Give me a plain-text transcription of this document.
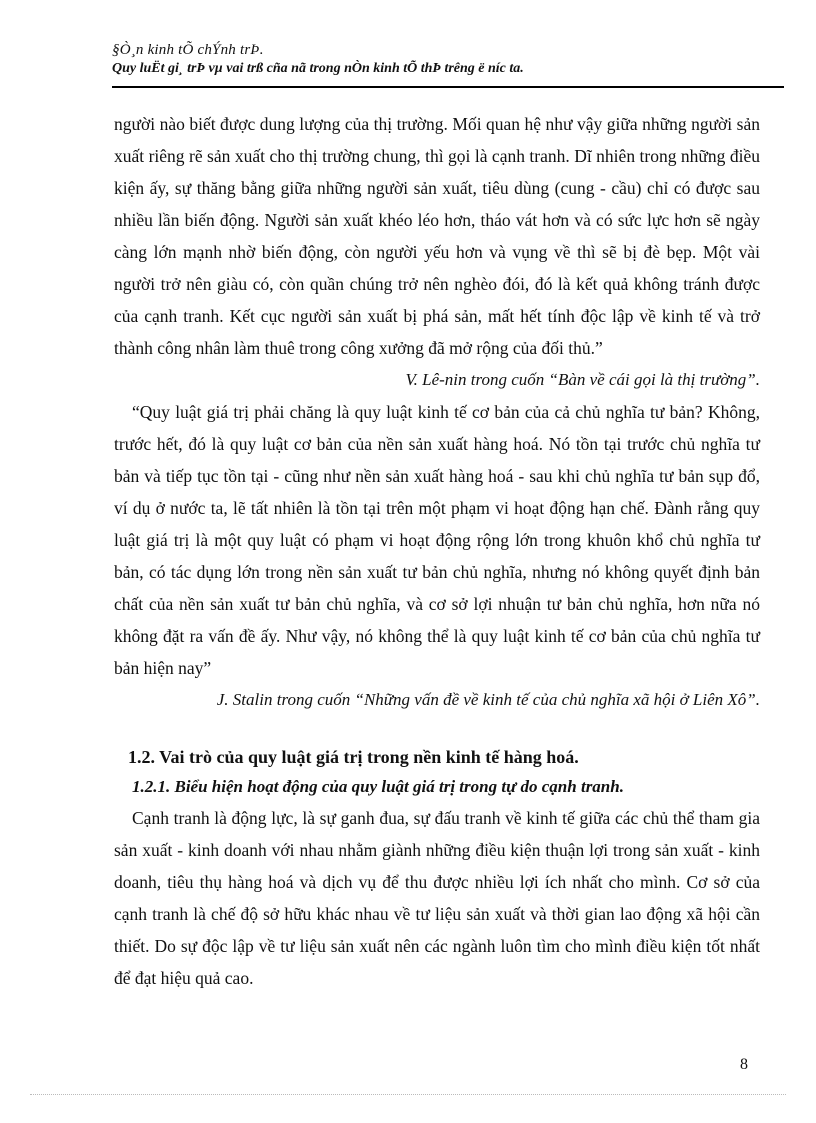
§Ò¸n kinh tÕ chÝnh trÞ.
Quy luËt gi¸ trÞ vµ vai trß cña nã trong nÒn kinh tÕ thÞ trêng ë níc ta.

người nào biết được dung lượng của thị trường. Mối quan hệ như vậy giữa những người sản xuất riêng rẽ sản xuất cho thị trường chung, thì gọi là cạnh tranh. Dĩ nhiên trong những điều kiện ấy, sự thăng bằng giữa những người sản xuất, tiêu dùng (cung - cầu) chỉ có được sau nhiều lần biến động. Người sản xuất khéo léo hơn, tháo vát hơn và có sức lực hơn sẽ ngày càng lớn mạnh nhờ biến động, còn người yếu hơn và vụng về thì sẽ bị đè bẹp. Một vài người trở nên giàu có, còn quần chúng trở nên nghèo đói, đó là kết quả không tránh được của cạnh tranh. Kết cục người sản xuất bị phá sản, mất hết tính độc lập về kinh tế và trở thành công nhân làm thuê trong công xưởng đã mở rộng của đối thủ.”

V. Lê-nin trong cuốn “Bàn về cái gọi là thị trường”.

“Quy luật giá trị phải chăng là quy luật kinh tế cơ bản của cả chủ nghĩa tư bản? Không, trước hết, đó là quy luật cơ bản của nền sản xuất hàng hoá. Nó tồn tại trước chủ nghĩa tư bản và tiếp tục tồn tại - cũng như nền sản xuất hàng hoá - sau khi chủ nghĩa tư bản sụp đổ, ví dụ ở nước ta, lẽ tất nhiên là tồn tại trên một phạm vi hoạt động hạn chế. Đành rằng quy luật giá trị là một quy luật có phạm vi hoạt động rộng lớn trong khuôn khổ chủ nghĩa tư bản, có tác dụng lớn trong nền sản xuất tư bản chủ nghĩa, nhưng nó không quyết định bản chất của nền sản xuất tư bản chủ nghĩa, và cơ sở lợi nhuận tư bản chủ nghĩa, hơn nữa nó không đặt ra vấn đề ấy. Như vậy, nó không thể là quy luật kinh tế cơ bản của chủ nghĩa tư bản hiện nay”

J. Stalin trong cuốn “Những vấn đề về kinh tế của chủ nghĩa xã hội ở Liên Xô”.
1.2. Vai trò của quy luật giá trị trong nền kinh tế hàng hoá.
1.2.1. Biểu hiện hoạt động của quy luật giá trị trong tự do cạnh tranh.

Cạnh tranh là động lực, là sự ganh đua, sự đấu tranh về kinh tế giữa các chủ thể tham gia sản xuất - kinh doanh với nhau nhằm giành những điều kiện thuận lợi trong sản xuất - kinh doanh, tiêu thụ hàng hoá và dịch vụ để thu được nhiều lợi ích nhất cho mình. Cơ sở của cạnh tranh là chế độ sở hữu khác nhau về tư liệu sản xuất và thời gian lao động xã hội cần thiết. Do sự độc lập về tư liệu sản xuất nên các ngành luôn tìm cho mình điều kiện tốt nhất để đạt hiệu quả cao.

8
